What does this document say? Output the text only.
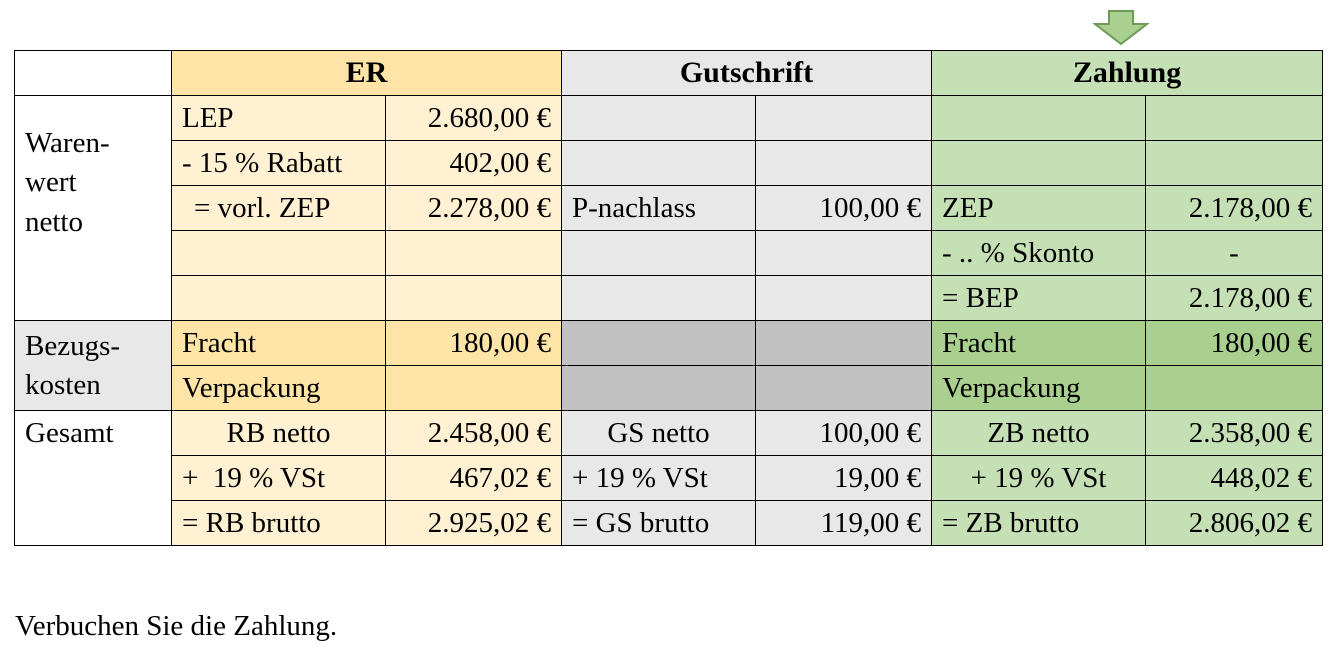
	ER		Gutschrift		Zahlung	

Waren-
wert
netto	LEP	2.680,00 €				
	- 15 % Rabatt	402,00 €				
	= vorl. ZEP	2.278,00 €	P-nachlass	100,00 €	ZEP	2.178,00 €
					- .. % Skonto	-
					= BEP	2.178,00 €

Bezugs-
kosten	Fracht	180,00 €			Fracht	180,00 €
	Verpackung				Verpackung	
Gesamt	RB netto	2.458,00 €	GS netto	100,00 €	ZB netto	2.358,00 €
	+  19 % VSt	467,02 €	+ 19 % VSt	19,00 €	+ 19 % VSt	448,02 €
	= RB brutto	2.925,02 €	= GS brutto	119,00 €	= ZB brutto	2.806,02 €
Verbuchen Sie die Zahlung.
